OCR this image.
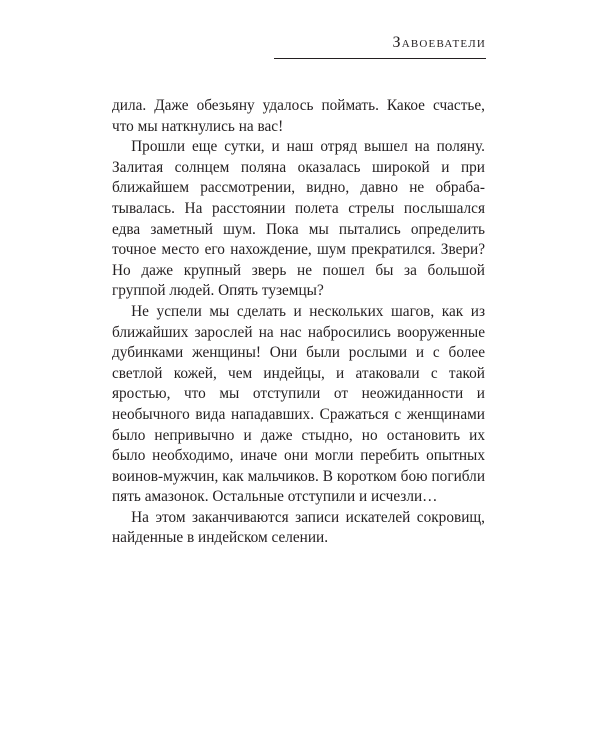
Завоеватели

дила. Даже обезьяну удалось поймать. Какое счастье, что мы наткнулись на вас!

Прошли еще сутки, и наш отряд вышел на поляну. Залитая солнцем поляна оказалась широкой и при ближайшем рассмотрении, видно, давно не обрабатывалась. На расстоянии полета стрелы послышался едва заметный шум. Пока мы пытались определить точное место его нахождение, шум прекратился. Звери? Но даже крупный зверь не пошел бы за большой группой людей. Опять туземцы?

Не успели мы сделать и нескольких шагов, как из ближайших зарослей на нас набросились вооруженные дубинками женщины! Они были рослыми и с более светлой кожей, чем индейцы, и атаковали с такой яростью, что мы отступили от неожиданности и необычного вида нападавших. Сражаться с женщинами было непривычно и даже стыдно, но остановить их было необходимо, иначе они могли перебить опытных воинов-мужчин, как мальчиков. В коротком бою погибли пять амазонок. Остальные отступили и исчезли…

На этом заканчиваются записи искателей сокровищ, найденные в индейском селении.
